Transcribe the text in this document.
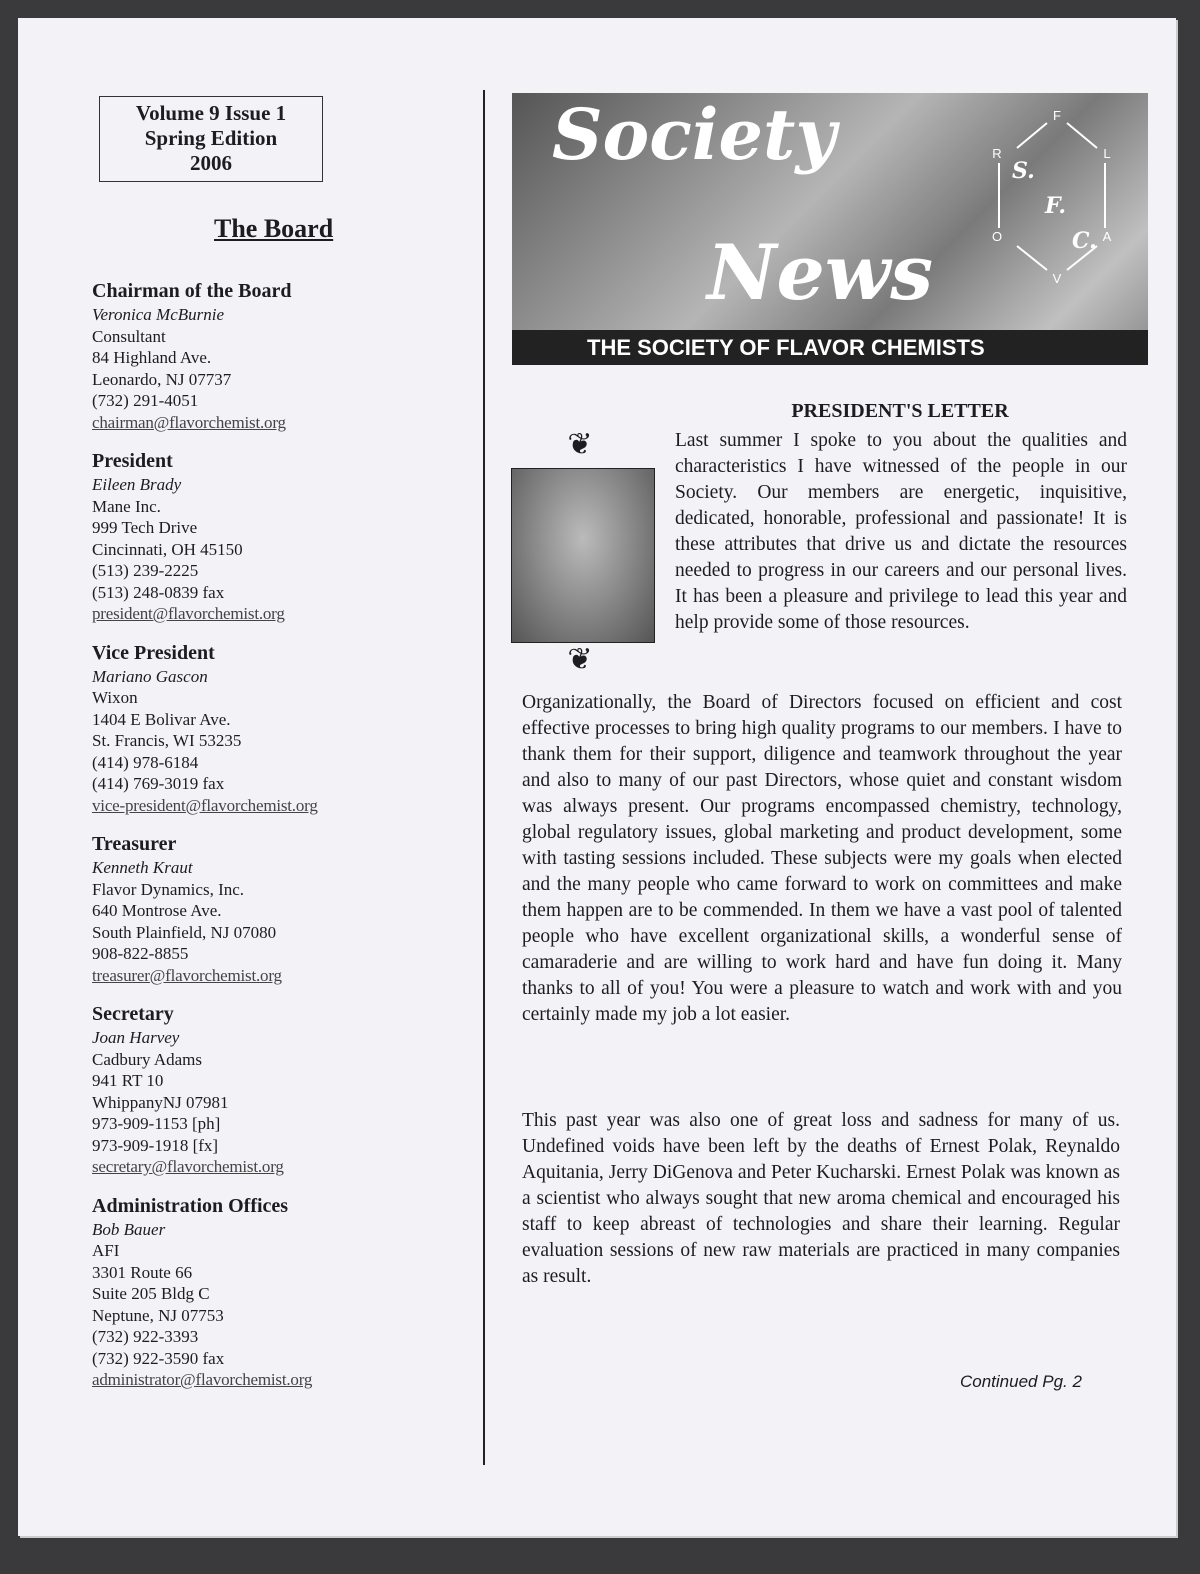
Volume 9 Issue 1
Spring Edition
2006
The Board
Chairman of the Board
Veronica McBurnie
Consultant
84 Highland Ave.
Leonardo, NJ 07737
(732) 291-4051
chairman@flavorchemist.org
President
Eileen Brady
Mane Inc.
999 Tech Drive
Cincinnati, OH 45150
(513) 239-2225
(513) 248-0839 fax
president@flavorchemist.org
Vice President
Mariano Gascon
Wixon
1404 E Bolivar Ave.
St. Francis, WI 53235
(414) 978-6184
(414) 769-3019 fax
vice-president@flavorchemist.org
Treasurer
Kenneth Kraut
Flavor Dynamics, Inc.
640 Montrose Ave.
South Plainfield, NJ 07080
908-822-8855
treasurer@flavorchemist.org
Secretary
Joan Harvey
Cadbury Adams
941 RT 10
WhippanyNJ 07981
973-909-1153 [ph]
973-909-1918 [fx]
secretary@flavorchemist.org
Administration Offices
Bob Bauer
AFI
3301 Route 66
Suite 205 Bldg C
Neptune, NJ 07753
(732) 922-3393
(732) 922-3590 fax
administrator@flavorchemist.org
Society
News
F
L
A
V
O
R
S.
F.
C.
THE SOCIETY OF FLAVOR CHEMISTS
❦
❦
PRESIDENT'S LETTER
Last summer I spoke to you about the qualities and characteristics I have witnessed of the people in our Society. Our members are energetic, inquisitive, dedicated, honorable, professional and passionate! It is these attributes that drive us and dictate the resources needed to progress in our careers and our personal lives. It has been a pleasure and privilege to lead this year and help provide some of those resources.
Organizationally, the Board of Directors focused on efficient and cost effective processes to bring high quality programs to our members. I have to thank them for their support, diligence and teamwork throughout the year and also to many of our past Directors, whose quiet and constant wisdom was always present. Our programs encompassed chemistry, technology, global regulatory issues, global marketing and product development, some with tasting sessions included. These subjects were my goals when elected and the many people who came forward to work on committees and make them happen are to be commended. In them we have a vast pool of talented people who have excellent organizational skills, a wonderful sense of camaraderie and are willing to work hard and have fun doing it. Many thanks to all of you! You were a pleasure to watch and work with and you certainly made my job a lot easier.
This past year was also one of great loss and sadness for many of us. Undefined voids have been left by the deaths of Ernest Polak, Reynaldo Aquitania, Jerry DiGenova and Peter Kucharski. Ernest Polak was known as a scientist who always sought that new aroma chemical and encouraged his staff to keep abreast of technologies and share their learning. Regular evaluation sessions of new raw materials are practiced in many companies as result.
Continued Pg. 2
